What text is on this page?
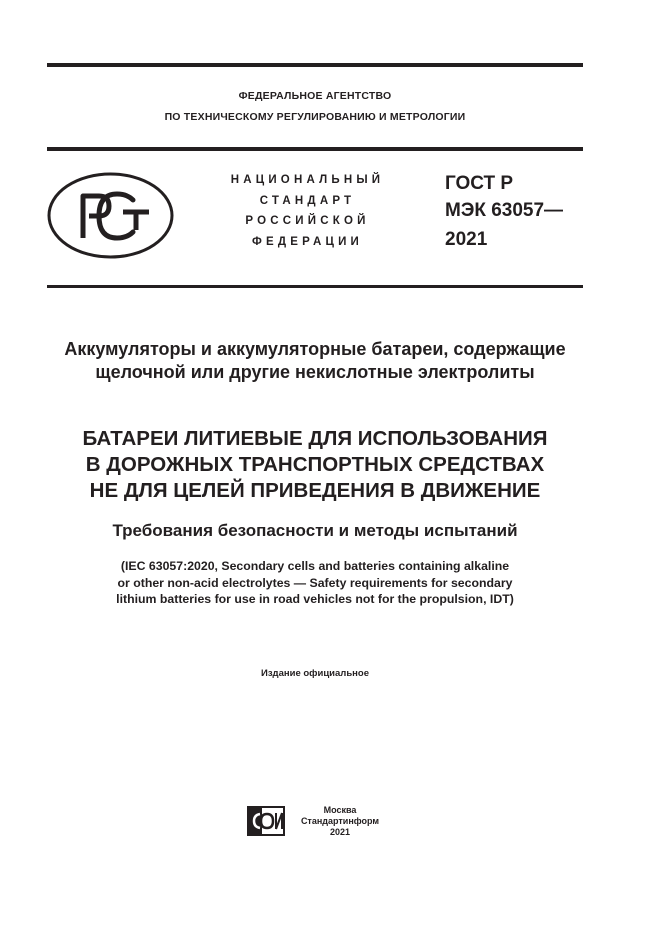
ФЕДЕРАЛЬНОЕ АГЕНТСТВО
ПО ТЕХНИЧЕСКОМУ РЕГУЛИРОВАНИЮ И МЕТРОЛОГИИ
НАЦИОНАЛЬНЫЙ
СТАНДАРТ
РОССИЙСКОЙ
ФЕДЕРАЦИИ
ГОСТ Р
МЭК 63057—
2021
Аккумуляторы и аккумуляторные батареи, содержащие щелочной или другие некислотные электролиты
БАТАРЕИ ЛИТИЕВЫЕ ДЛЯ ИСПОЛЬЗОВАНИЯ
В ДОРОЖНЫХ ТРАНСПОРТНЫХ СРЕДСТВАХ
НЕ ДЛЯ ЦЕЛЕЙ ПРИВЕДЕНИЯ В ДВИЖЕНИЕ
Требования безопасности и методы испытаний
(IEC 63057:2020, Secondary cells and batteries containing alkaline
or other non-acid electrolytes — Safety requirements for secondary
lithium batteries for use in road vehicles not for the propulsion, IDT)
Издание официальное
Москва
Стандартинформ
2021
